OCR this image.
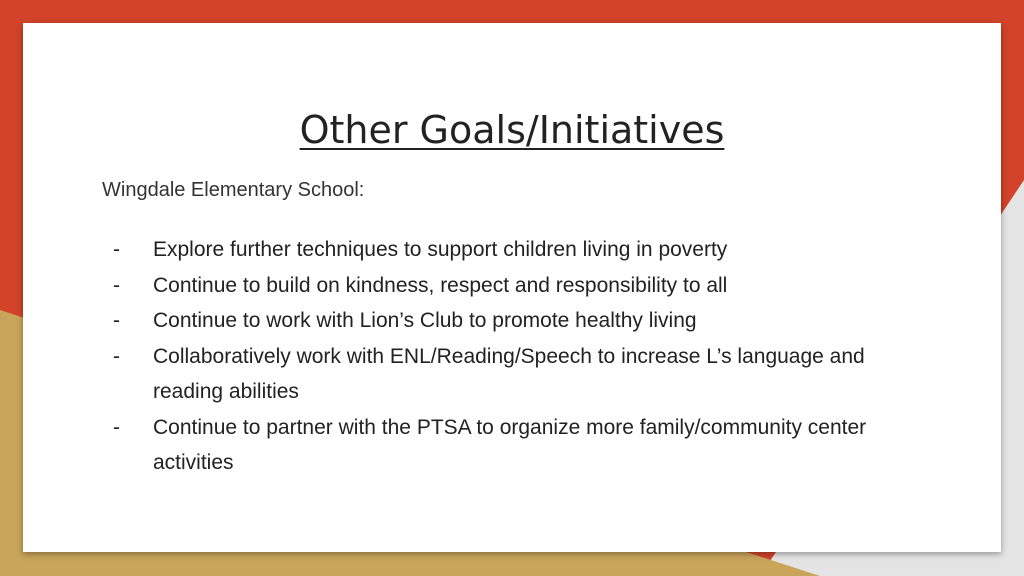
Other Goals/Initiatives
Wingdale Elementary School:
- Explore further techniques to support children living in poverty
- Continue to build on kindness, respect and responsibility to all
- Continue to work with Lion’s Club to promote healthy living
- Collaboratively work with ENL/Reading/Speech to increase L’s language and reading abilities
- Continue to partner with the PTSA to organize more family/community center activities
